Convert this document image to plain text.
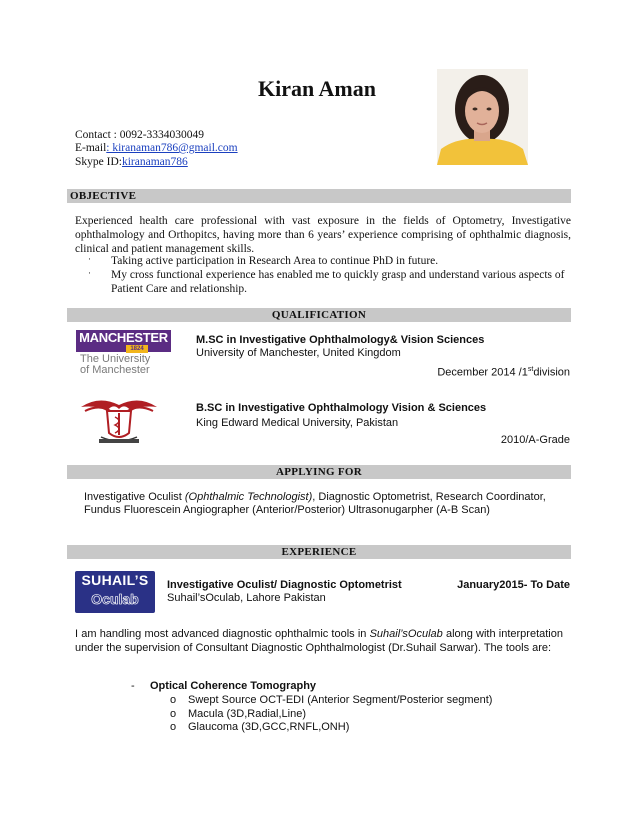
Kiran Aman
Contact : 0092-3334030049
E-mail: kiranaman786@gmail.com
Skype ID:kiranaman786
OBJECTIVE
Experienced health care professional with vast exposure in the fields of Optometry, Investigative ophthalmology and Orthopitcs, having more than 6 years’ experience comprising of ophthalmic diagnosis, clinical and patient management skills.
· Taking active participation in Research Area to continue PhD in future.
· My cross functional experience has enabled me to quickly grasp and understand various aspects of Patient Care and relationship.
QUALIFICATION
MANCHESTER
1824
The University
of Manchester
M.SC in Investigative Ophthalmology& Vision Sciences
University of Manchester, United Kingdom
December 2014 /1stdivision
B.SC in Investigative Ophthalmology Vision & Sciences
King Edward Medical University, Pakistan
2010/A-Grade
APPLYING FOR
Investigative Oculist (Ophthalmic Technologist), Diagnostic Optometrist, Research Coordinator,
Fundus Fluorescein Angiographer (Anterior/Posterior) Ultrasonugarpher (A-B Scan)
EXPERIENCE
SUHAIL’S
Oculab
Investigative Oculist/ Diagnostic Optometrist	January2015- To Date
Suhail’sOculab, Lahore Pakistan
I am handling most advanced diagnostic ophthalmic tools in Suhail’sOculab along with interpretation under the supervision of Consultant Diagnostic Ophthalmologist (Dr.Suhail Sarwar). The tools are:
- Optical Coherence Tomography
o Swept Source OCT-EDI (Anterior Segment/Posterior segment)
o Macula (3D,Radial,Line)
o Glaucoma (3D,GCC,RNFL,ONH)
